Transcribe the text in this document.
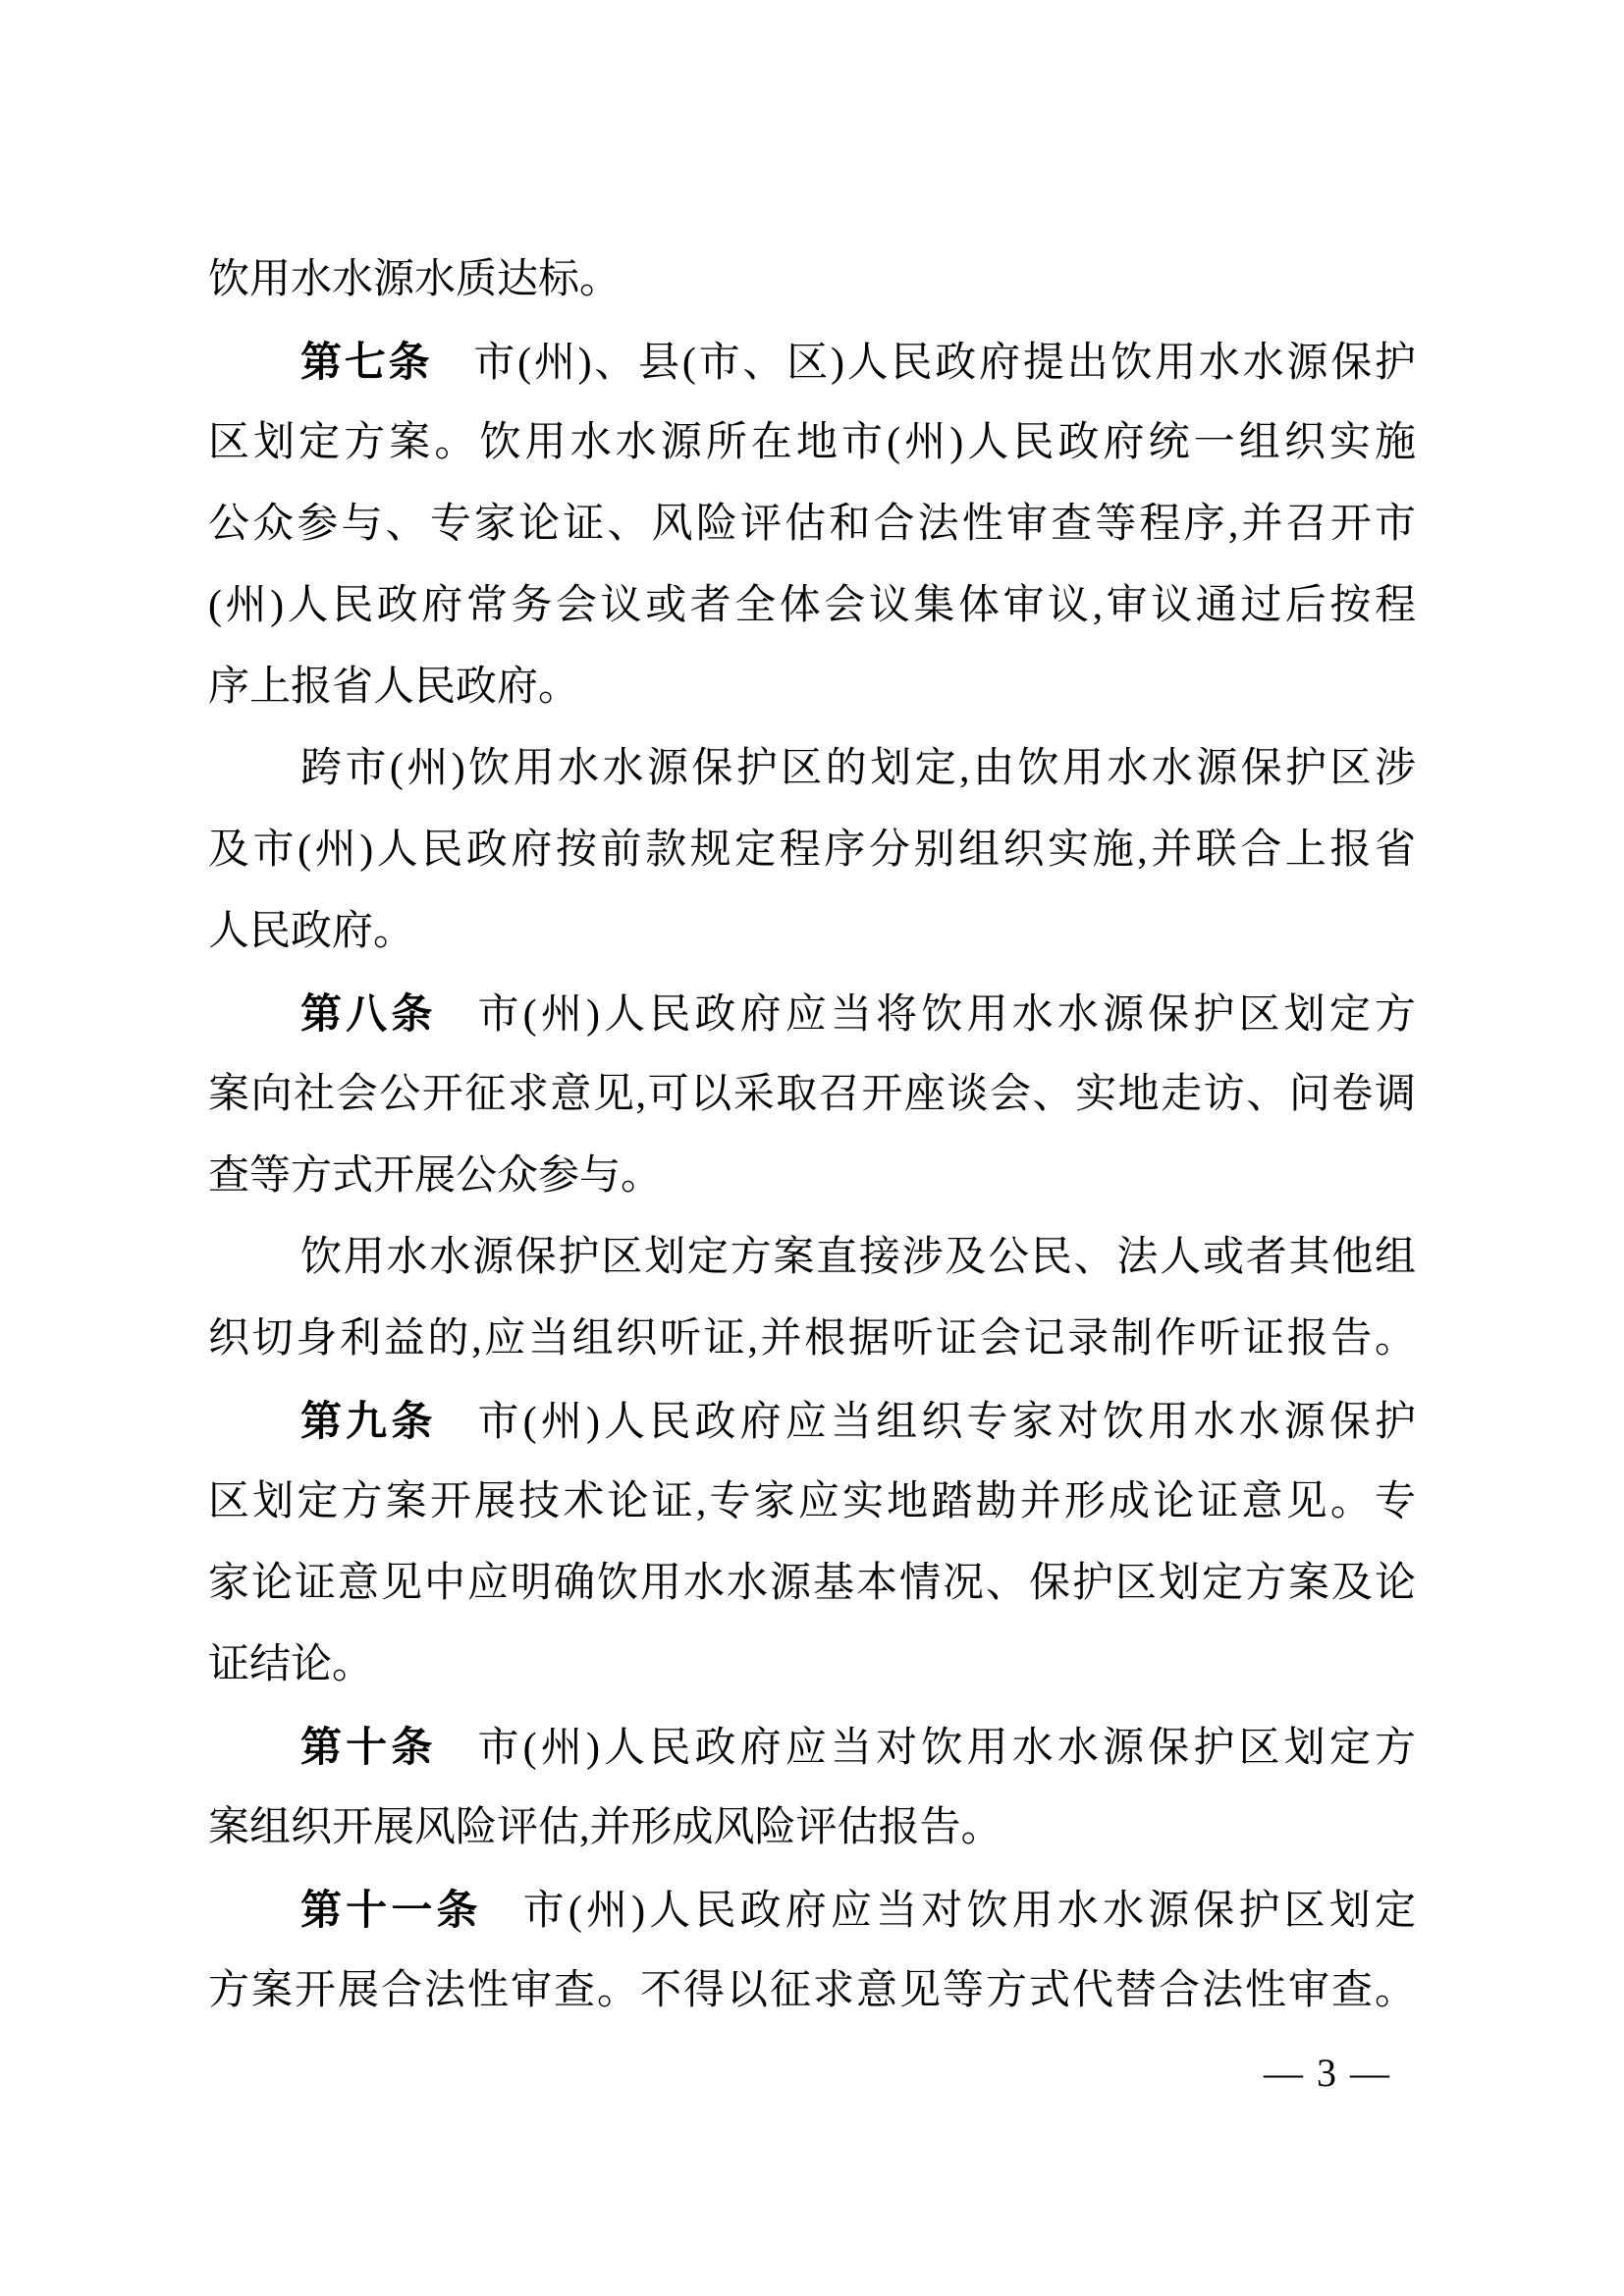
饮用水水源水质达标。

第七条 市(州)、县(市、区)人民政府提出饮用水水源保护

区划定方案。饮用水水源所在地市(州)人民政府统一组织实施

公众参与、专家论证、风险评估和合法性审查等程序,并召开市

(州)人民政府常务会议或者全体会议集体审议,审议通过后按程

序上报省人民政府。

跨市(州)饮用水水源保护区的划定,由饮用水水源保护区涉

及市(州)人民政府按前款规定程序分别组织实施,并联合上报省

人民政府。

第八条 市(州)人民政府应当将饮用水水源保护区划定方

案向社会公开征求意见,可以采取召开座谈会、实地走访、问卷调

查等方式开展公众参与。

饮用水水源保护区划定方案直接涉及公民、法人或者其他组

织切身利益的,应当组织听证,并根据听证会记录制作听证报告。

第九条 市(州)人民政府应当组织专家对饮用水水源保护

区划定方案开展技术论证,专家应实地踏勘并形成论证意见。专

家论证意见中应明确饮用水水源基本情况、保护区划定方案及论

证结论。

第十条 市(州)人民政府应当对饮用水水源保护区划定方

案组织开展风险评估,并形成风险评估报告。

第十一条 市(州)人民政府应当对饮用水水源保护区划定

方案开展合法性审查。不得以征求意见等方式代替合法性审查。

— 3 —
